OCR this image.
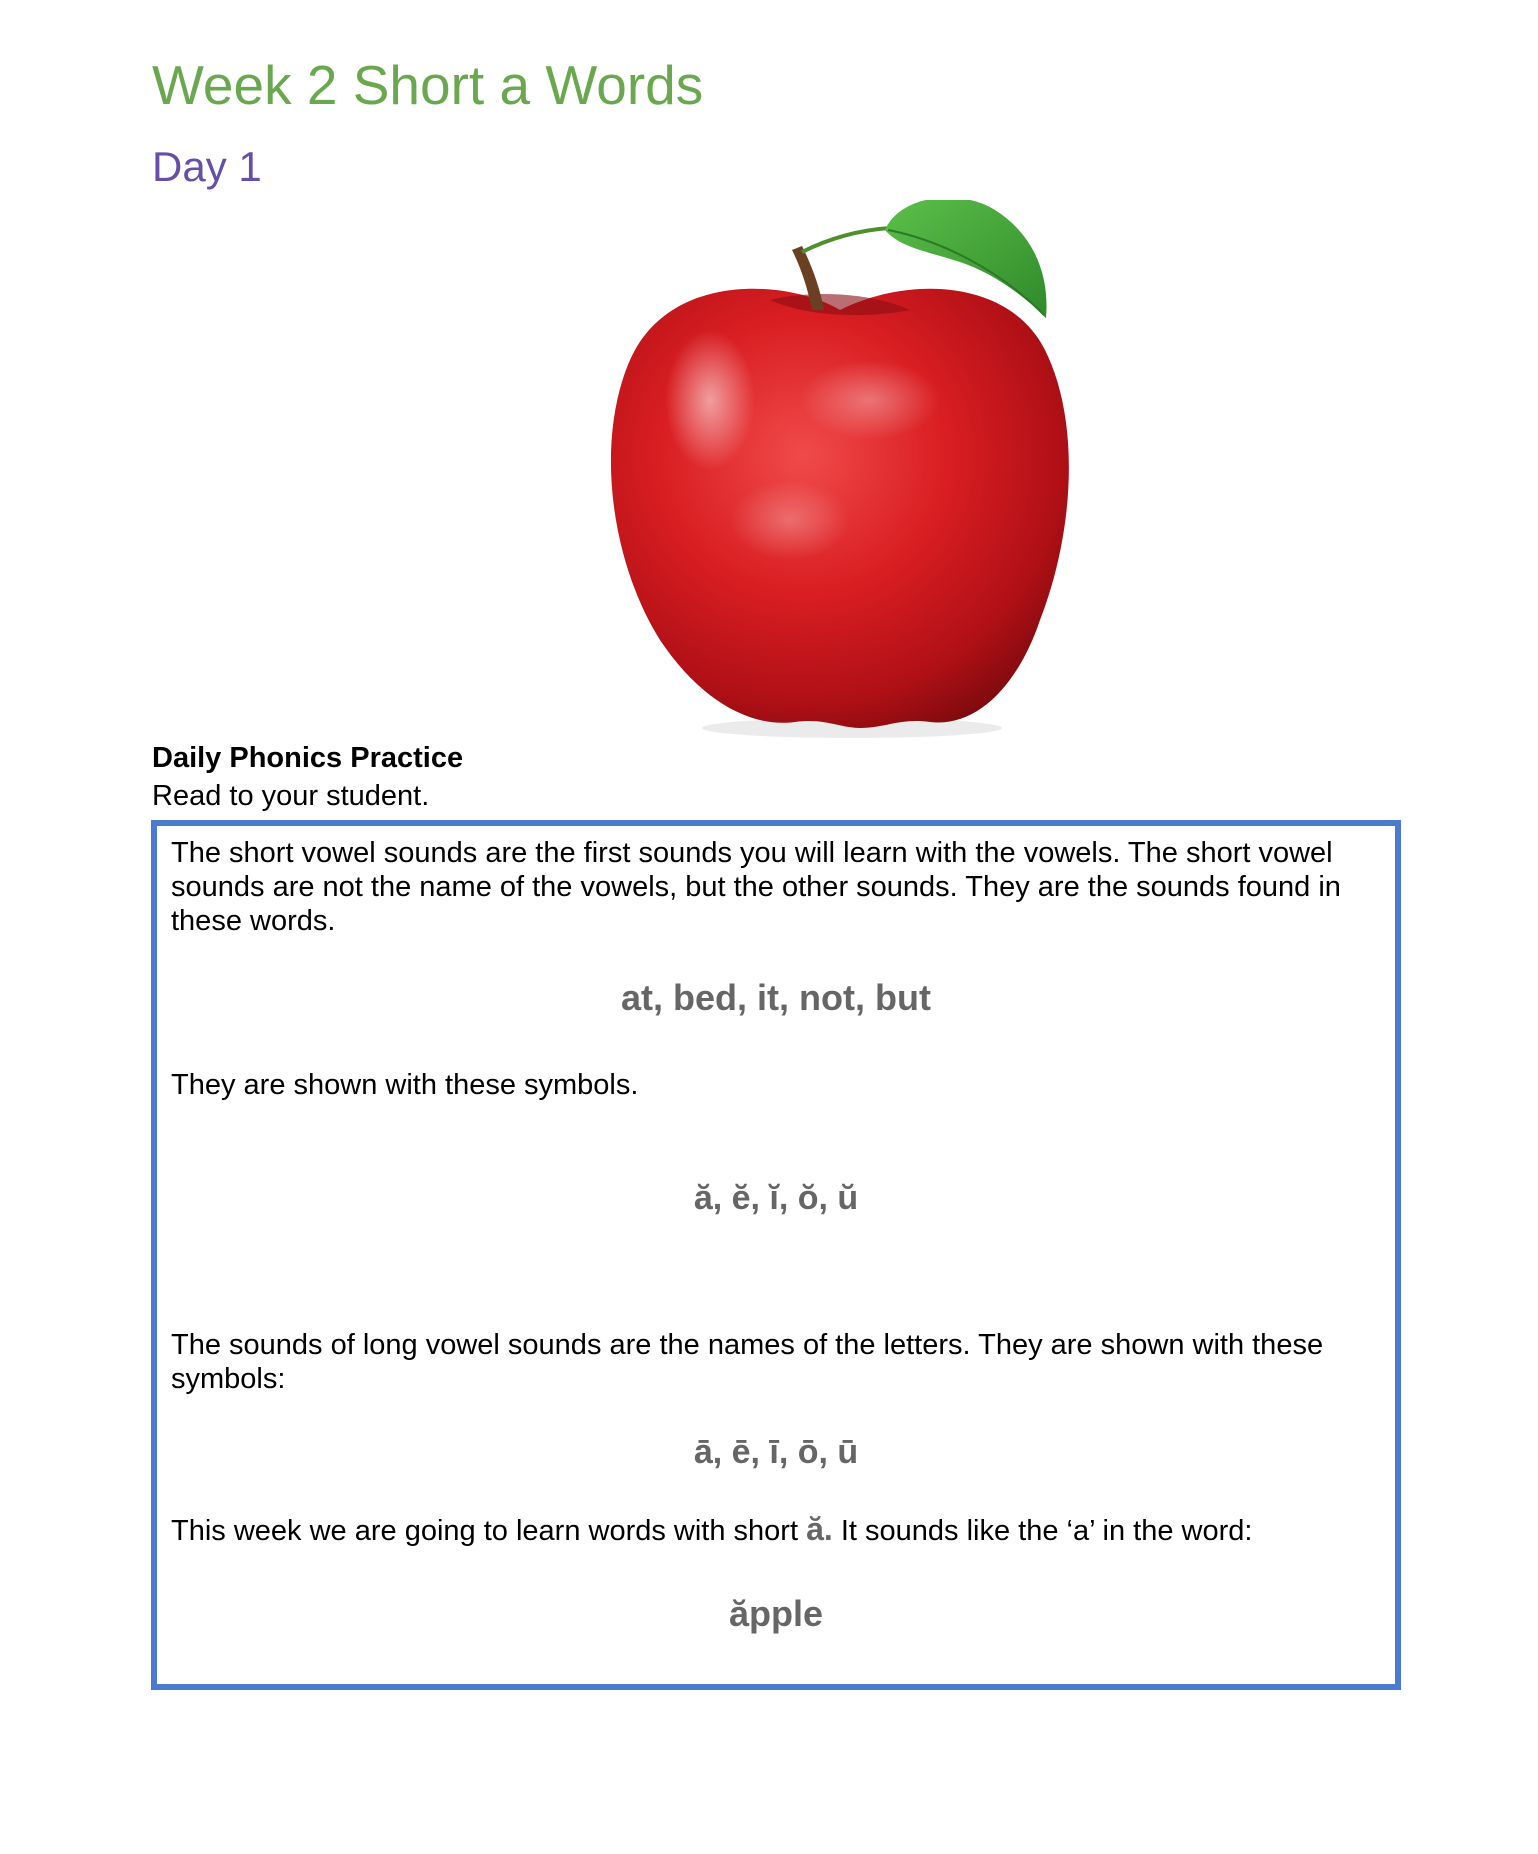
Week 2 Short a Words
Day 1

Daily Phonics Practice

Read to your student.

The short vowel sounds are the first sounds you will learn with the vowels. The short vowel sounds are not the name of the vowels, but the other sounds. They are the sounds found in these words.

at, bed, it, not, but

They are shown with these symbols.

ă, ĕ, ĭ, ŏ, ŭ

The sounds of long vowel sounds are the names of the letters. They are shown with these symbols:

ā, ē, ī, ō, ū

This week we are going to learn words with short ă. It sounds like the ‘a’ in the word:

ăpple
